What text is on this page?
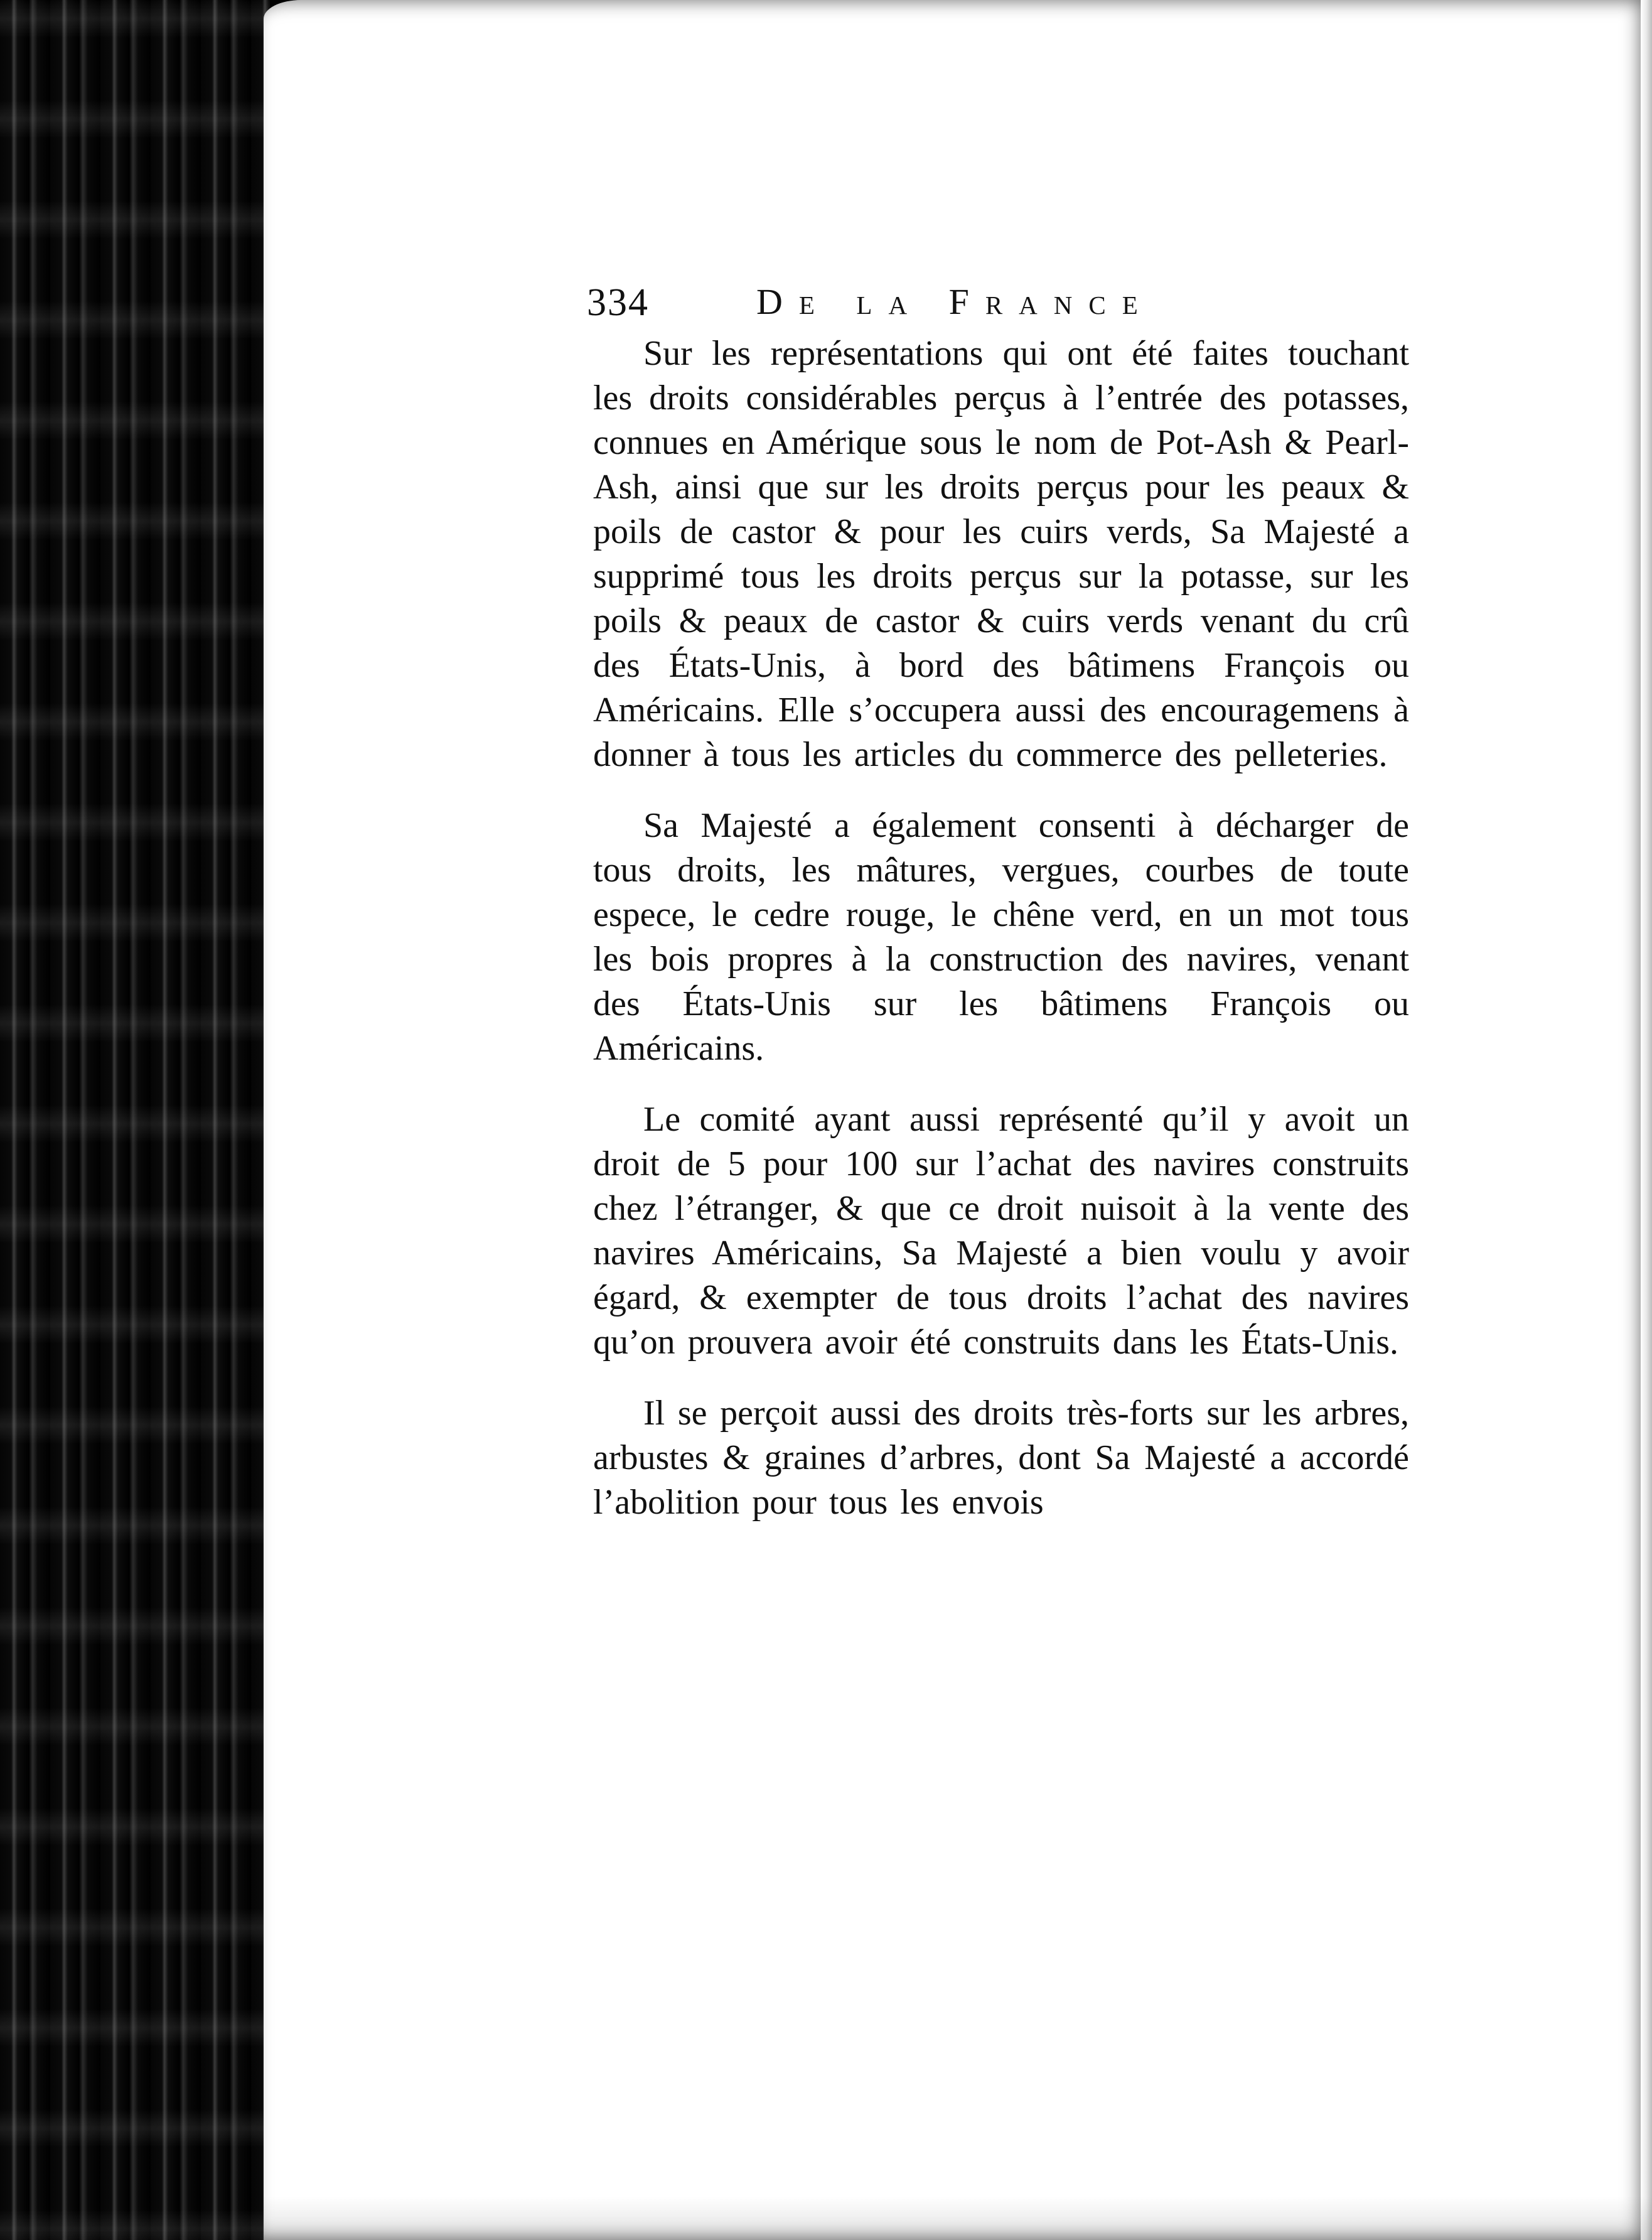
334	De la France

Sur les représentations qui ont été faites touchant les droits considérables perçus à l’entrée des potasses, connues en Amérique sous le nom de Pot-Ash & Pearl-Ash, ainsi que sur les droits perçus pour les peaux & poils de castor & pour les cuirs verds, Sa Majesté a supprimé tous les droits perçus sur la potasse, sur les poils & peaux de castor & cuirs verds venant du crû des États-Unis, à bord des bâtimens François ou Américains. Elle s’occupera aussi des encouragemens à donner à tous les articles du commerce des pelleteries.

Sa Majesté a également consenti à décharger de tous droits, les mâtures, vergues, courbes de toute espece, le cedre rouge, le chêne verd, en un mot tous les bois propres à la construction des navires, venant des États-Unis sur les bâtimens François ou Américains.

Le comité ayant aussi représenté qu’il y avoit un droit de 5 pour 100 sur l’achat des navires construits chez l’étranger, & que ce droit nuisoit à la vente des navires Américains, Sa Majesté a bien voulu y avoir égard, & exempter de tous droits l’achat des navires qu’on prouvera avoir été construits dans les États-Unis.

Il se perçoit aussi des droits très-forts sur les arbres, arbustes & graines d’arbres, dont Sa Majesté a accordé l’abolition pour tous les envois
